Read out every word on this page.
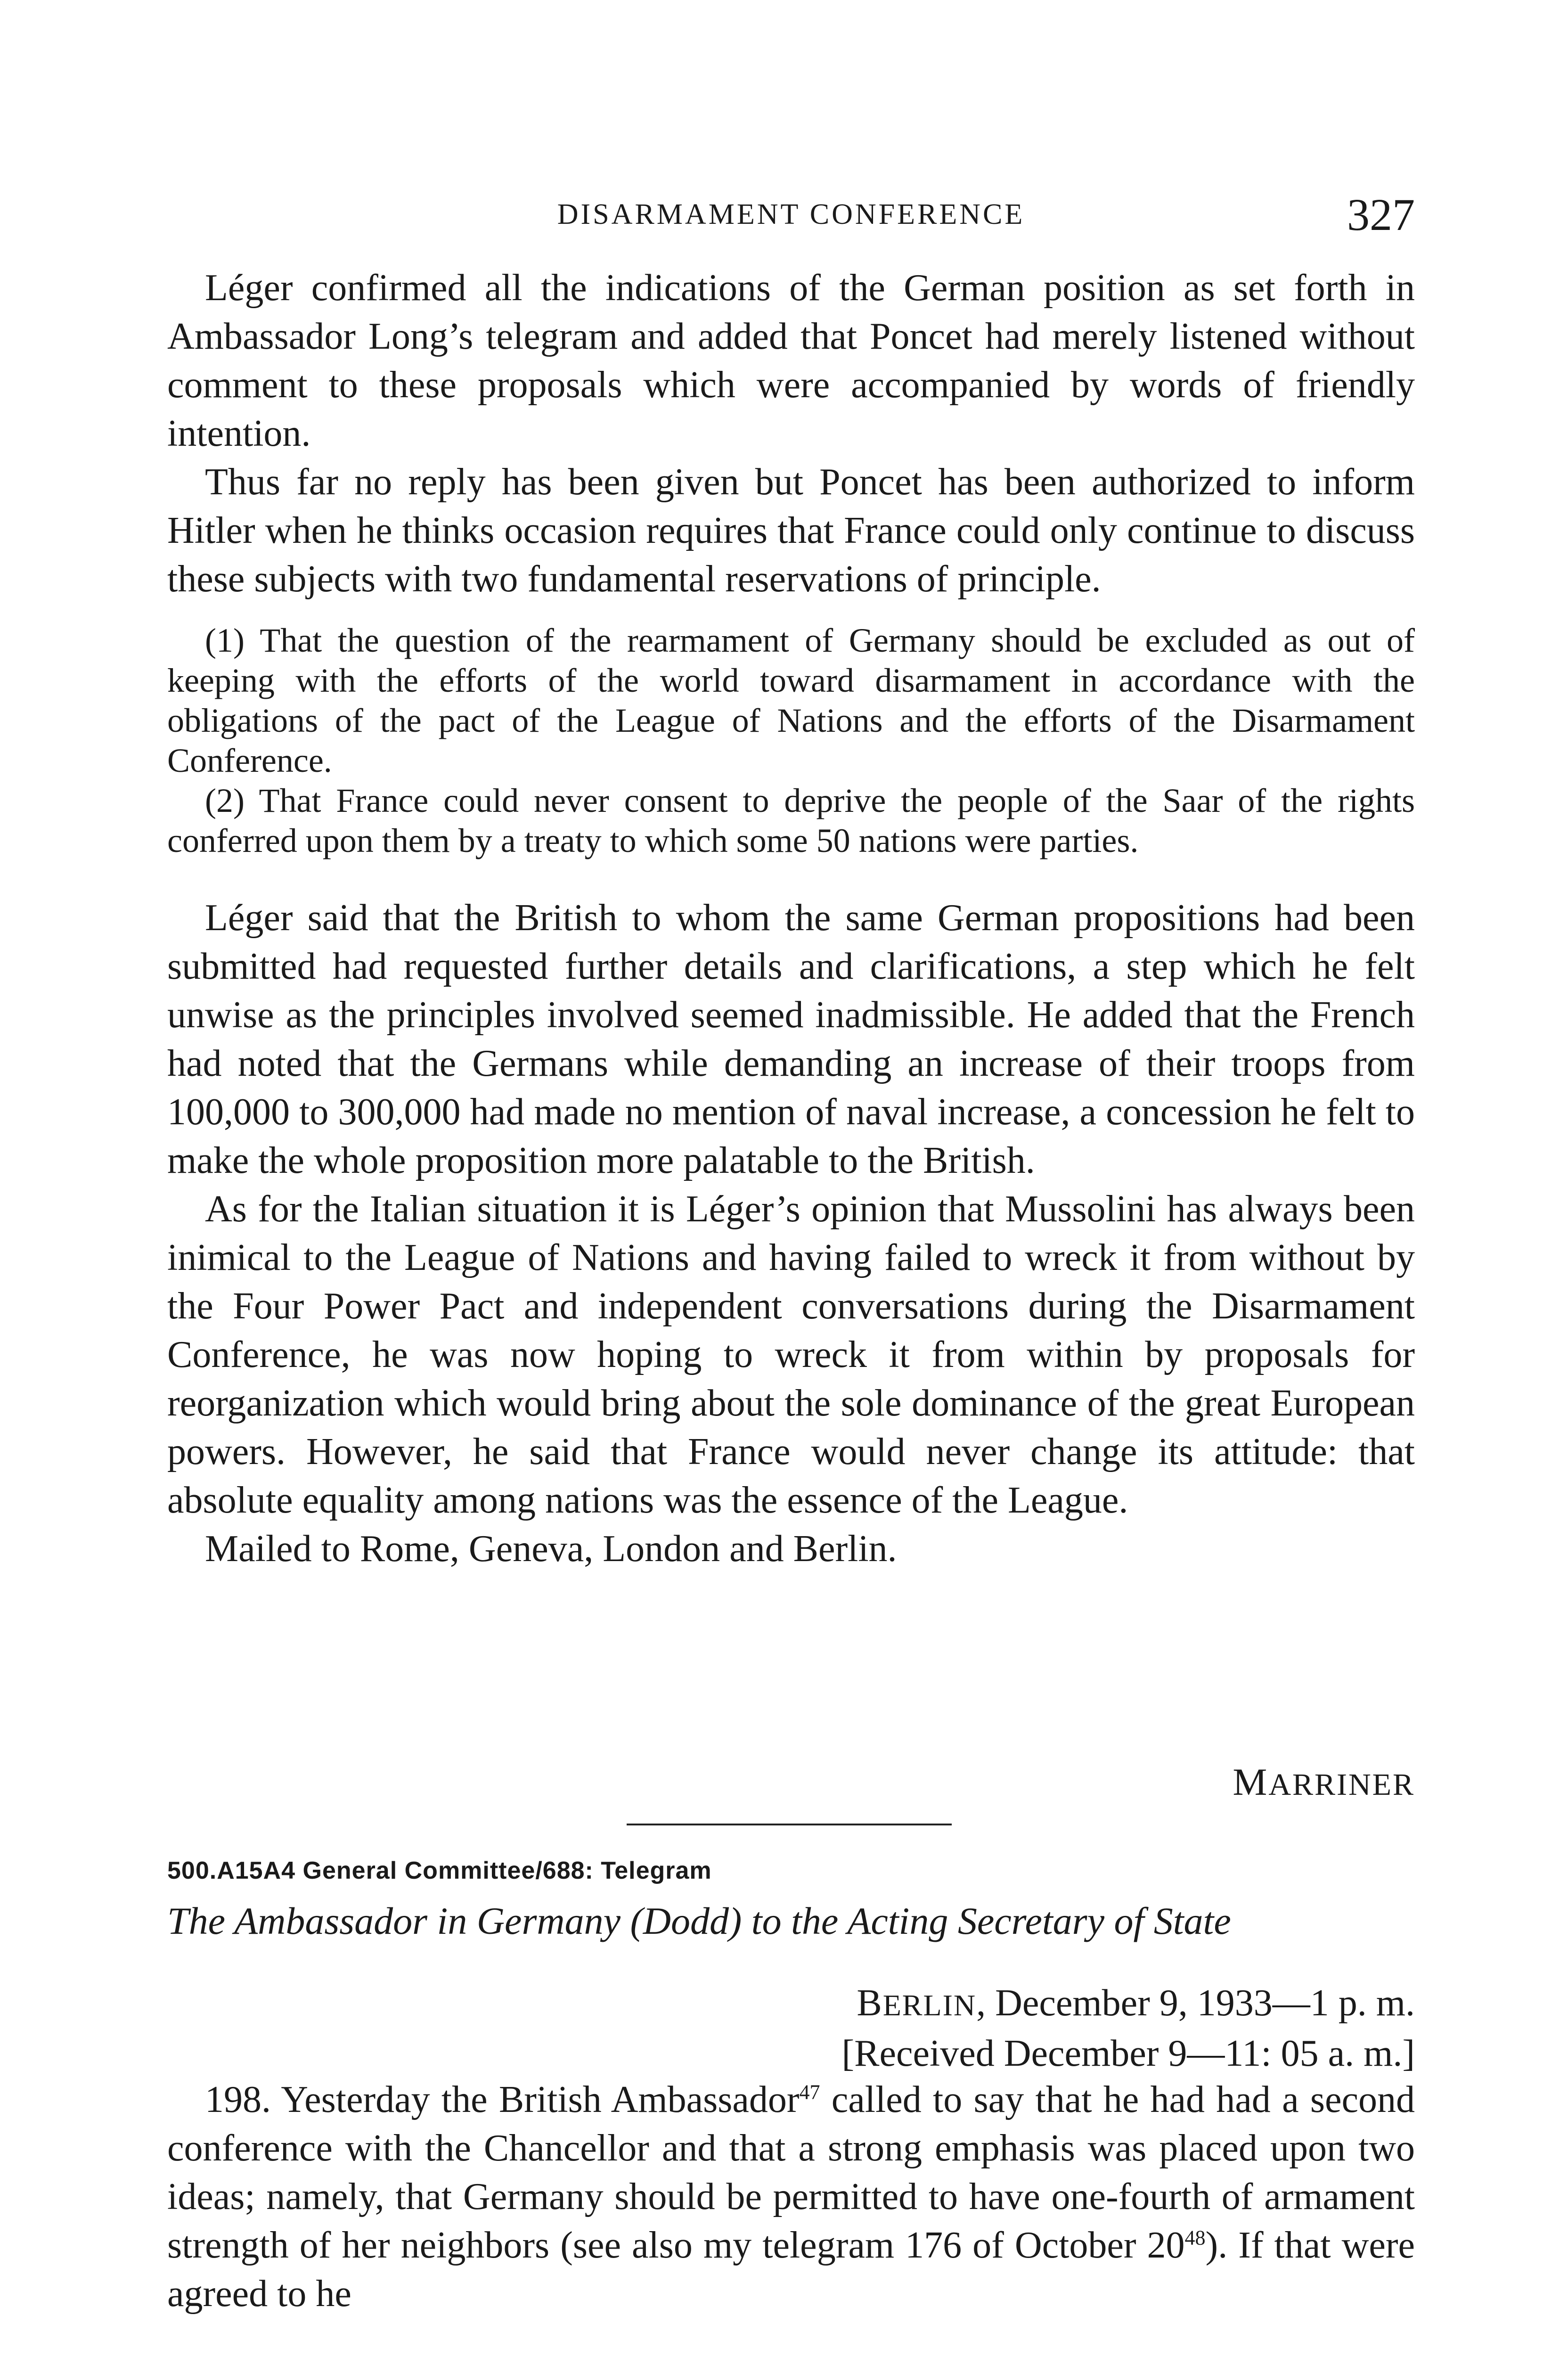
DISARMAMENT CONFERENCE	327

Léger confirmed all the indications of the German position as set forth in Ambassador Long’s telegram and added that Poncet had merely listened without comment to these proposals which were accompanied by words of friendly intention.

Thus far no reply has been given but Poncet has been authorized to inform Hitler when he thinks occasion requires that France could only continue to discuss these subjects with two fundamental reservations of principle.

(1) That the question of the rearmament of Germany should be excluded as out of keeping with the efforts of the world toward disarmament in accordance with the obligations of the pact of the League of Nations and the efforts of the Disarmament Conference.

(2) That France could never consent to deprive the people of the Saar of the rights conferred upon them by a treaty to which some 50 nations were parties.

Léger said that the British to whom the same German propositions had been submitted had requested further details and clarifications, a step which he felt unwise as the principles involved seemed inadmissible. He added that the French had noted that the Germans while demanding an increase of their troops from 100,000 to 300,000 had made no mention of naval increase, a concession he felt to make the whole proposition more palatable to the British.

As for the Italian situation it is Léger’s opinion that Mussolini has always been inimical to the League of Nations and having failed to wreck it from without by the Four Power Pact and independent conversations during the Disarmament Conference, he was now hoping to wreck it from within by proposals for reorganization which would bring about the sole dominance of the great European powers. However, he said that France would never change its attitude: that absolute equality among nations was the essence of the League.

Mailed to Rome, Geneva, London and Berlin.

MARRINER
500.A15A4 General Committee/688: Telegram
The Ambassador in Germany (Dodd) to the Acting Secretary of State
BERLIN, December 9, 1933—1 p. m.
[Received December 9—11: 05 a. m.]

198. Yesterday the British Ambassador$^{47}$ called to say that he had had a second conference with the Chancellor and that a strong emphasis was placed upon two ideas; namely, that Germany should be permitted to have one-fourth of armament strength of her neighbors (see also my telegram 176 of October $20^{48}$). If that were agreed to he
